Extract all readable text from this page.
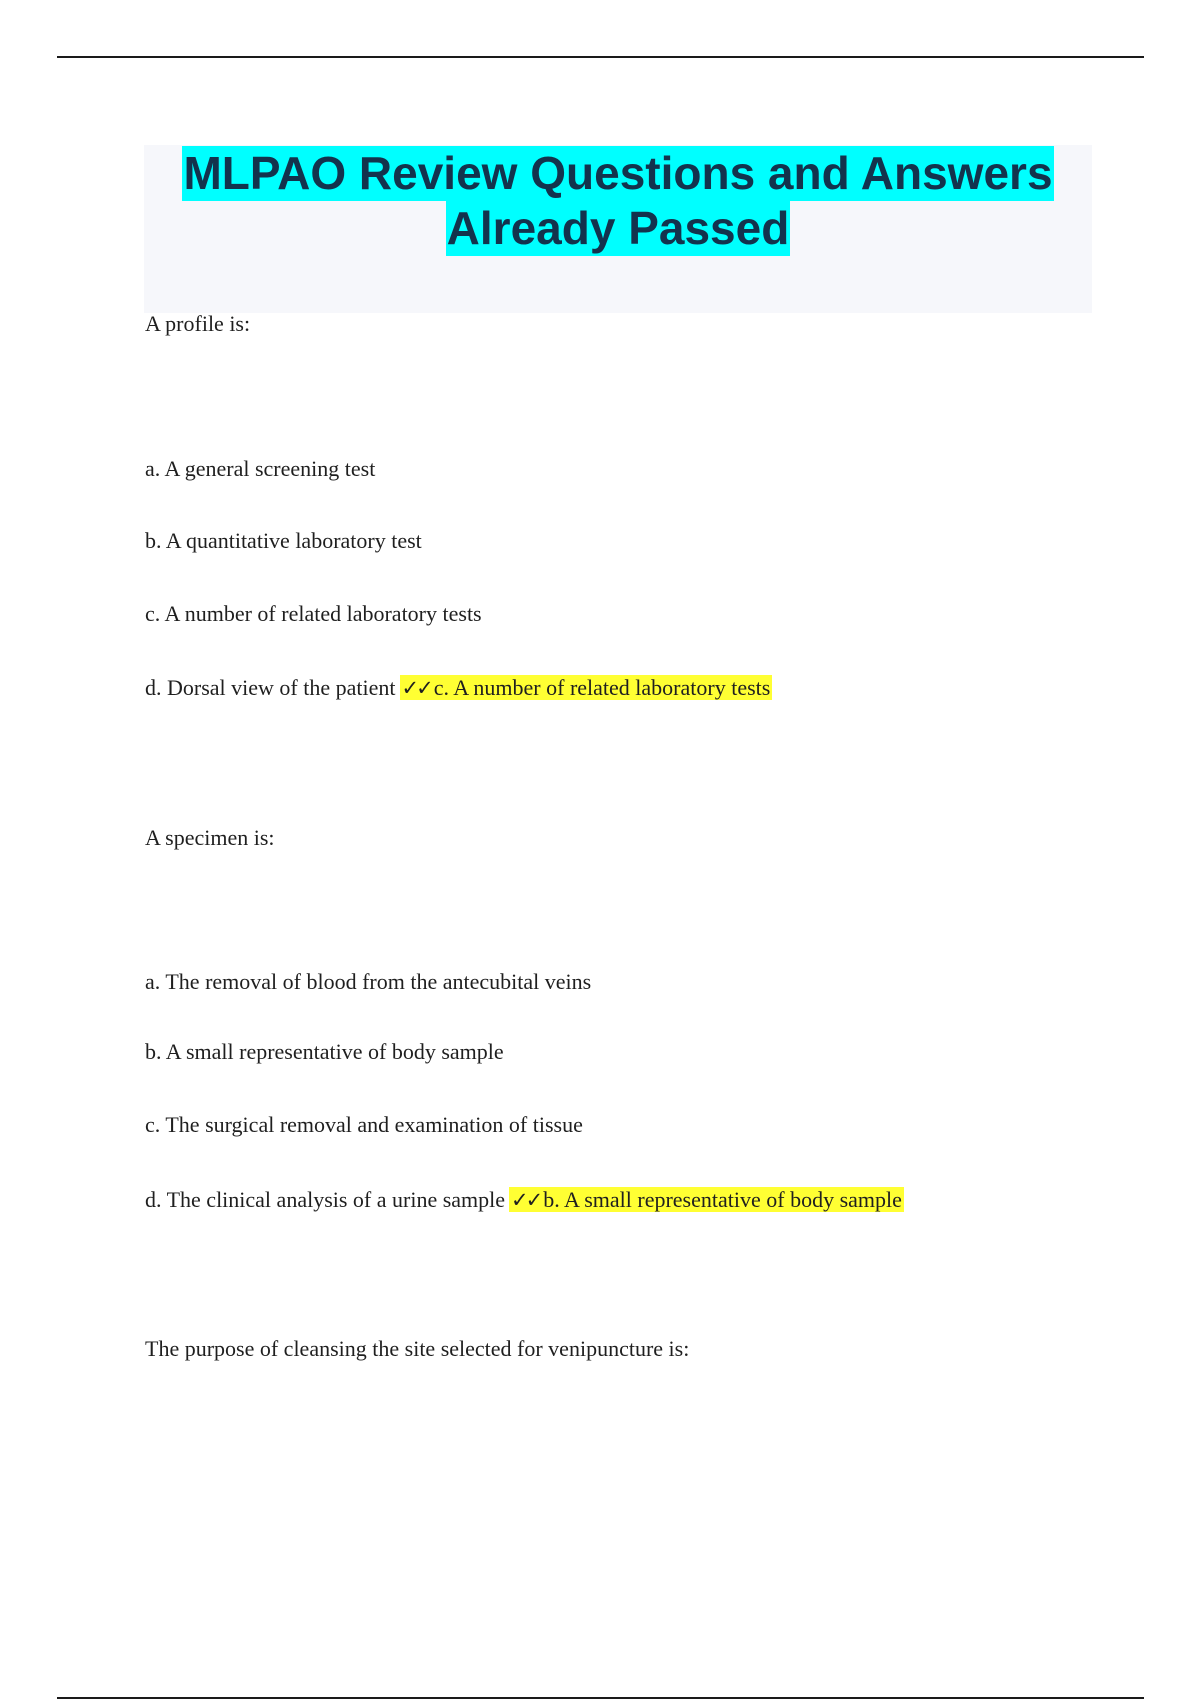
MLPAO Review Questions and Answers
Already Passed
A profile is:
a. A general screening test
b. A quantitative laboratory test
c. A number of related laboratory tests
d. Dorsal view of the patient ✓✓ c. A number of related laboratory tests
A specimen is:
a. The removal of blood from the antecubital veins
b. A small representative of body sample
c. The surgical removal and examination of tissue
d. The clinical analysis of a urine sample ✓✓ b. A small representative of body sample
The purpose of cleansing the site selected for venipuncture is:
